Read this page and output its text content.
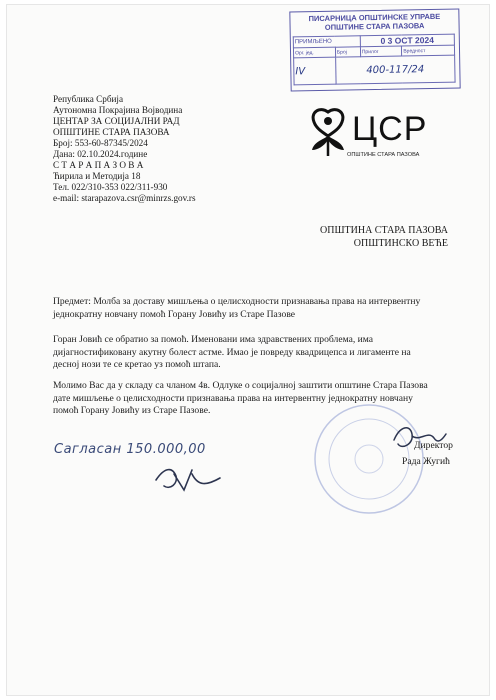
ПИСАРНИЦА ОПШТИНСКЕ УПРАВЕ
ОПШТИНЕ СТАРА ПАЗОВА
ПРИМЉЕНО		0 3 OCT 2024	
Орг. јед.	Број	Прилог	Вредност
IV	400-117/24		
Република Србија
Аутономна Покрајина Војводина
ЦЕНТАР ЗА СОЦИЈАЛНИ РАД
ОПШТИНЕ СТАРА ПАЗОВА
Број: 553-60-87345/2024
Дана: 02.10.2024.године
С Т А Р А П А З О В А
Ћирила и Методија 18
Тел. 022/310-353 022/311-930
e-mail: starapazova.csr@minrzs.gov.rs
ЦСР
ОПШТИНЕ СТАРА ПАЗОВА
ОПШТИНА СТАРА ПАЗОВА
ОПШТИНСКО ВЕЋЕ
Предмет: Молба за доставу мишљења о целисходности признавања права на интервентну
једнократну новчану помоћ Горану Јовићу из Старе Пазове
Горан Јовић се обратио за помоћ. Именовани има здравствених проблема, има
дијагностификовану акутну болест астме. Имао је повреду квадрицепса и лигаменте на
десној нози те се кретао уз помоћ штапа.
Молимо Вас да у складу са чланом 4в. Одлуке о социјалној заштити општине Стара Пазова
дате мишљење о целисходности признавања права на интервентну једнократну новчану
помоћ Горану Јовићу из Старе Пазове.
Сагласан 150.000,00	Директор
Рада Жугић
